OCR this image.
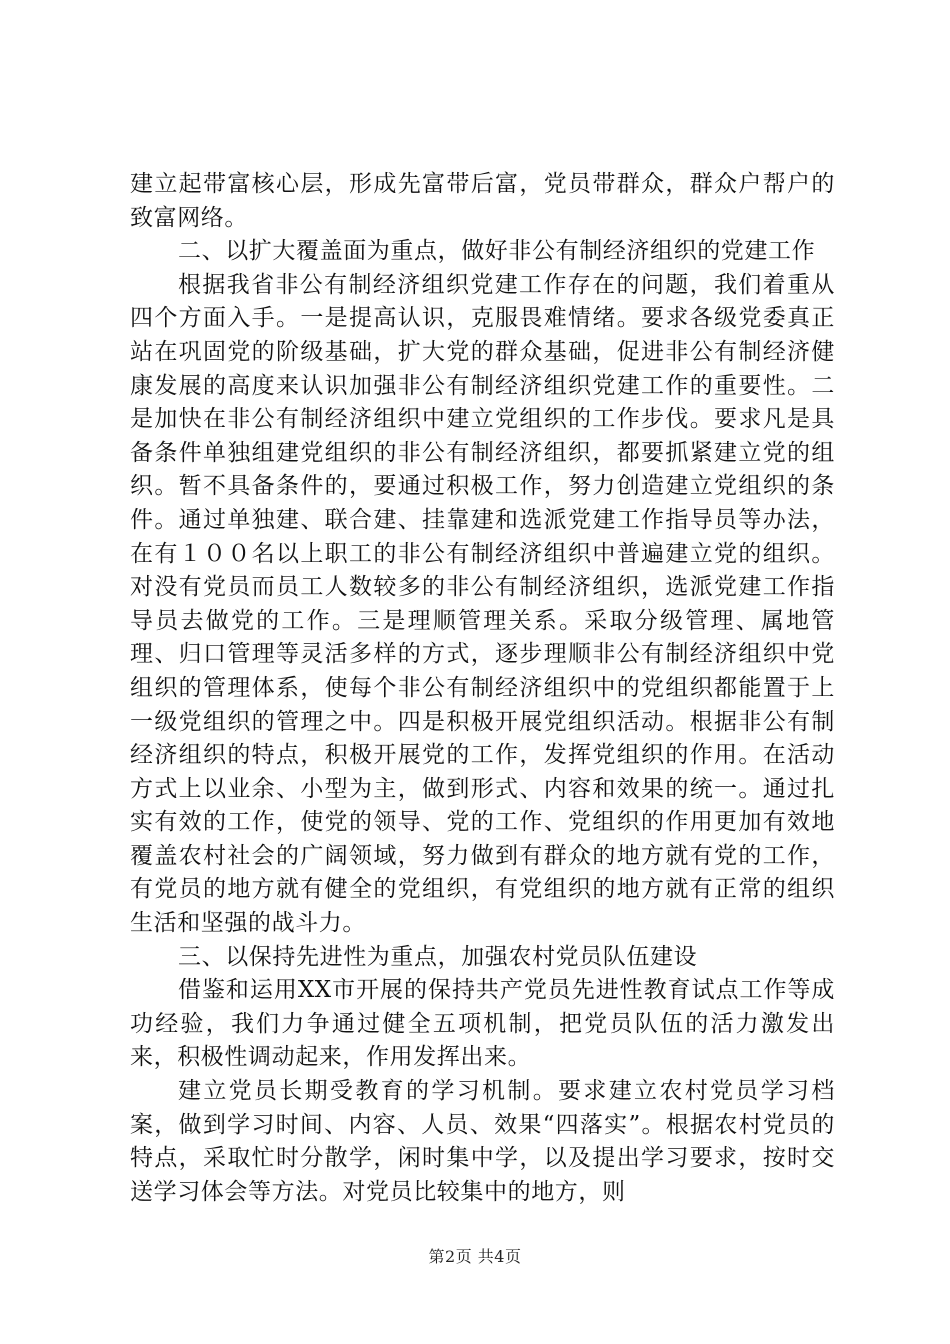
建立起带富核心层，形成先富带后富，党员带群众，群众户帮户的致富网络。

二、以扩大覆盖面为重点，做好非公有制经济组织的党建工作

根据我省非公有制经济组织党建工作存在的问题，我们着重从四个方面入手。一是提高认识，克服畏难情绪。要求各级党委真正站在巩固党的阶级基础，扩大党的群众基础，促进非公有制经济健康发展的高度来认识加强非公有制经济组织党建工作的重要性。二是加快在非公有制经济组织中建立党组织的工作步伐。要求凡是具备条件单独组建党组织的非公有制经济组织，都要抓紧建立党的组织。暂不具备条件的，要通过积极工作，努力创造建立党组织的条件。通过单独建、联合建、挂靠建和选派党建工作指导员等办法，在有１００名以上职工的非公有制经济组织中普遍建立党的组织。对没有党员而员工人数较多的非公有制经济组织，选派党建工作指导员去做党的工作。三是理顺管理关系。采取分级管理、属地管理、归口管理等灵活多样的方式，逐步理顺非公有制经济组织中党组织的管理体系，使每个非公有制经济组织中的党组织都能置于上一级党组织的管理之中。四是积极开展党组织活动。根据非公有制经济组织的特点，积极开展党的工作，发挥党组织的作用。在活动方式上以业余、小型为主，做到形式、内容和效果的统一。通过扎实有效的工作，使党的领导、党的工作、党组织的作用更加有效地覆盖农村社会的广阔领域，努力做到有群众的地方就有党的工作，有党员的地方就有健全的党组织，有党组织的地方就有正常的组织生活和坚强的战斗力。

三、以保持先进性为重点，加强农村党员队伍建设

借鉴和运用XX市开展的保持共产党员先进性教育试点工作等成功经验，我们力争通过健全五项机制，把党员队伍的活力激发出来，积极性调动起来，作用发挥出来。

建立党员长期受教育的学习机制。要求建立农村党员学习档案，做到学习时间、内容、人员、效果“四落实”。根据农村党员的特点，采取忙时分散学，闲时集中学，以及提出学习要求，按时交送学习体会等方法。对党员比较集中的地方，则

第2页 共4页
